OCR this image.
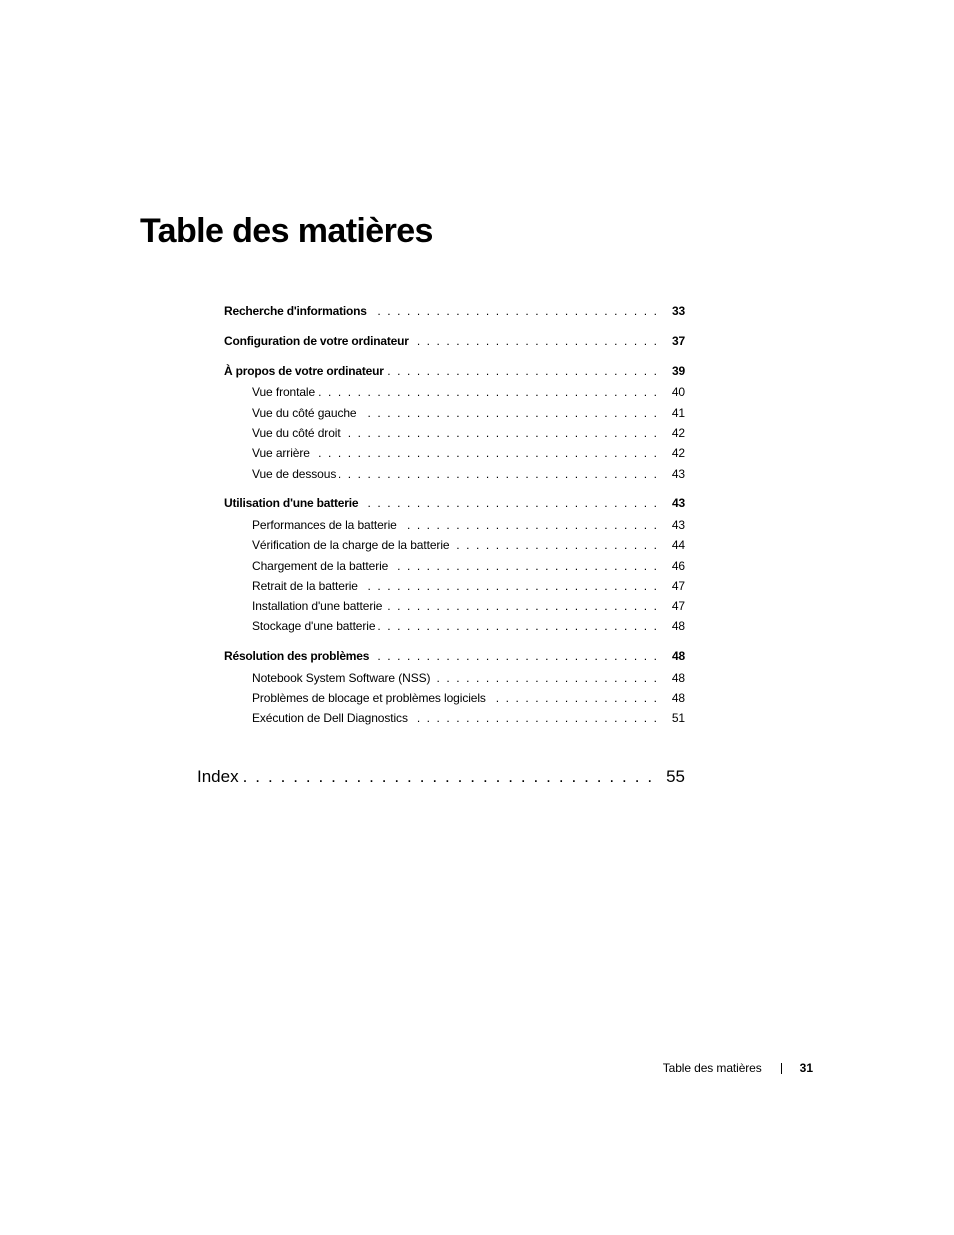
Table des matières
Recherche d'informations . . .	33
Configuration de votre ordinateur . . .	37
À propos de votre ordinateur . . .	39
Vue frontale . . .	40
Vue du côté gauche . . .	41
Vue du côté droit . . .	42
Vue arrière . . .	42
Vue de dessous . . .	43
Utilisation d'une batterie . . .	43
Performances de la batterie . . .	43
Vérification de la charge de la batterie . . .	44
Chargement de la batterie . . .	46
Retrait de la batterie . . .	47
Installation d'une batterie . . .	47
Stockage d'une batterie . . .	48
Résolution des problèmes . . .	48
Notebook System Software (NSS) . . .	48
Problèmes de blocage et problèmes logiciels . . .	48
Exécution de Dell Diagnostics . . .	51
Index . . .	55
Table des matières	31
